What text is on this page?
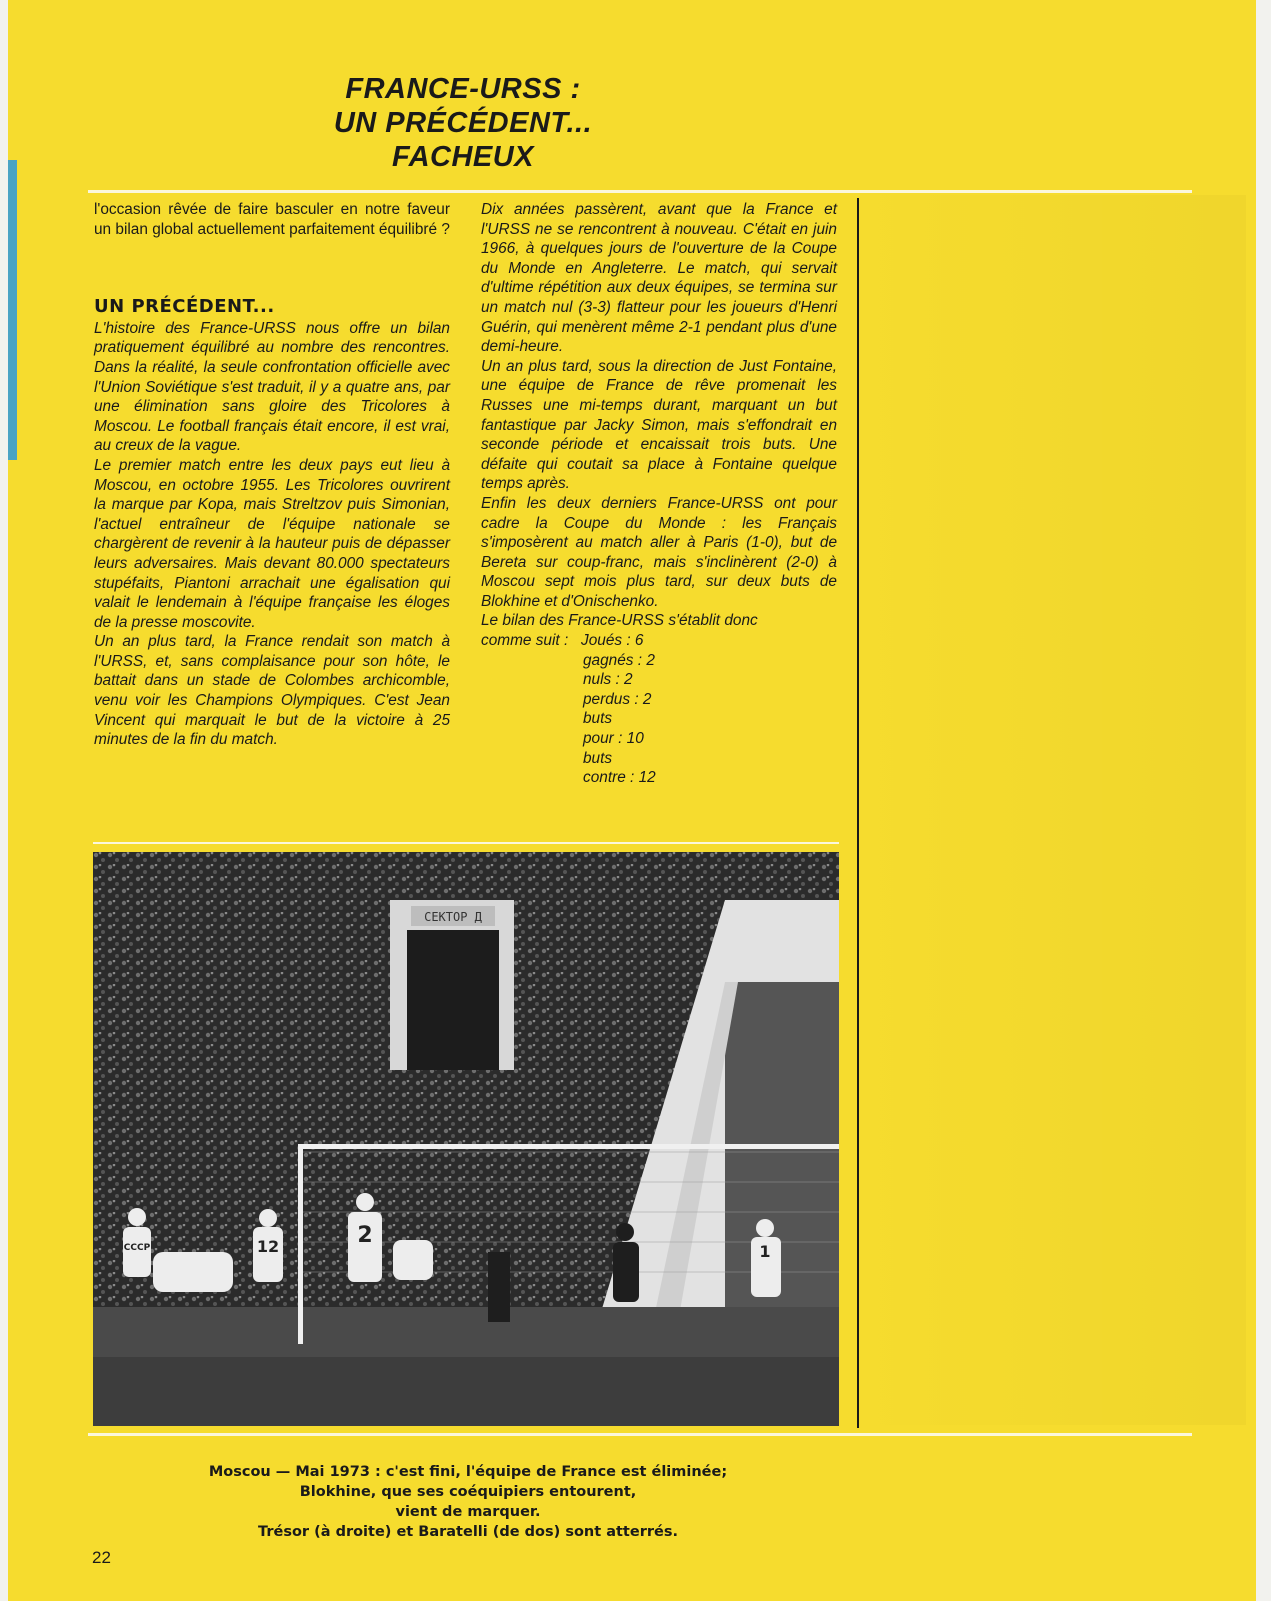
FRANCE-URSS :
UN PRÉCÉDENT...
FACHEUX

l'occasion rêvée de faire basculer en notre faveur un bilan global actuellement parfaitement équilibré ?

UN PRÉCÉDENT...

L'histoire des France-URSS nous offre un bilan pratiquement équilibré au nombre des rencontres. Dans la réalité, la seule confrontation officielle avec l'Union Soviétique s'est traduit, il y a quatre ans, par une élimination sans gloire des Tricolores à Moscou. Le football français était encore, il est vrai, au creux de la vague.

Le premier match entre les deux pays eut lieu à Moscou, en octobre 1955. Les Tricolores ouvrirent la marque par Kopa, mais Streltzov puis Simonian, l'actuel entraîneur de l'équipe nationale se chargèrent de revenir à la hauteur puis de dépasser leurs adversaires. Mais devant 80.000 spectateurs stupéfaits, Piantoni arrachait une égalisation qui valait le lendemain à l'équipe française les éloges de la presse moscovite.

Un an plus tard, la France rendait son match à l'URSS, et, sans complaisance pour son hôte, le battait dans un stade de Colombes archicomble, venu voir les Champions Olympiques. C'est Jean Vincent qui marquait le but de la victoire à 25 minutes de la fin du match.

Dix années passèrent, avant que la France et l'URSS ne se rencontrent à nouveau. C'était en juin 1966, à quelques jours de l'ouverture de la Coupe du Monde en Angleterre. Le match, qui servait d'ultime répétition aux deux équipes, se termina sur un match nul (3-3) flatteur pour les joueurs d'Henri Guérin, qui menèrent même 2-1 pendant plus d'une demi-heure.

Un an plus tard, sous la direction de Just Fontaine, une équipe de France de rêve promenait les Russes une mi-temps durant, marquant un but fantastique par Jacky Simon, mais s'effondrait en seconde période et encaissait trois buts. Une défaite qui coutait sa place à Fontaine quelque temps après.

Enfin les deux derniers France-URSS ont pour cadre la Coupe du Monde : les Français s'imposèrent au match aller à Paris (1-0), but de Bereta sur coup-franc, mais s'inclinèrent (2-0) à Moscou sept mois plus tard, sur deux buts de Blokhine et d'Onischenko.

Le bilan des France-URSS s'établit donc

comme suit : Joués : 6
gagnés : 2
nuls : 2
perdus : 2
buts
pour : 10
buts
contre : 12
СЕКТОР Д
СССР	12	2
1
Moscou — Mai 1973 : c'est fini, l'équipe de France est éliminée;
Blokhine, que ses coéquipiers entourent,
vient de marquer.
Trésor (à droite) et Baratelli (de dos) sont atterrés.
22
